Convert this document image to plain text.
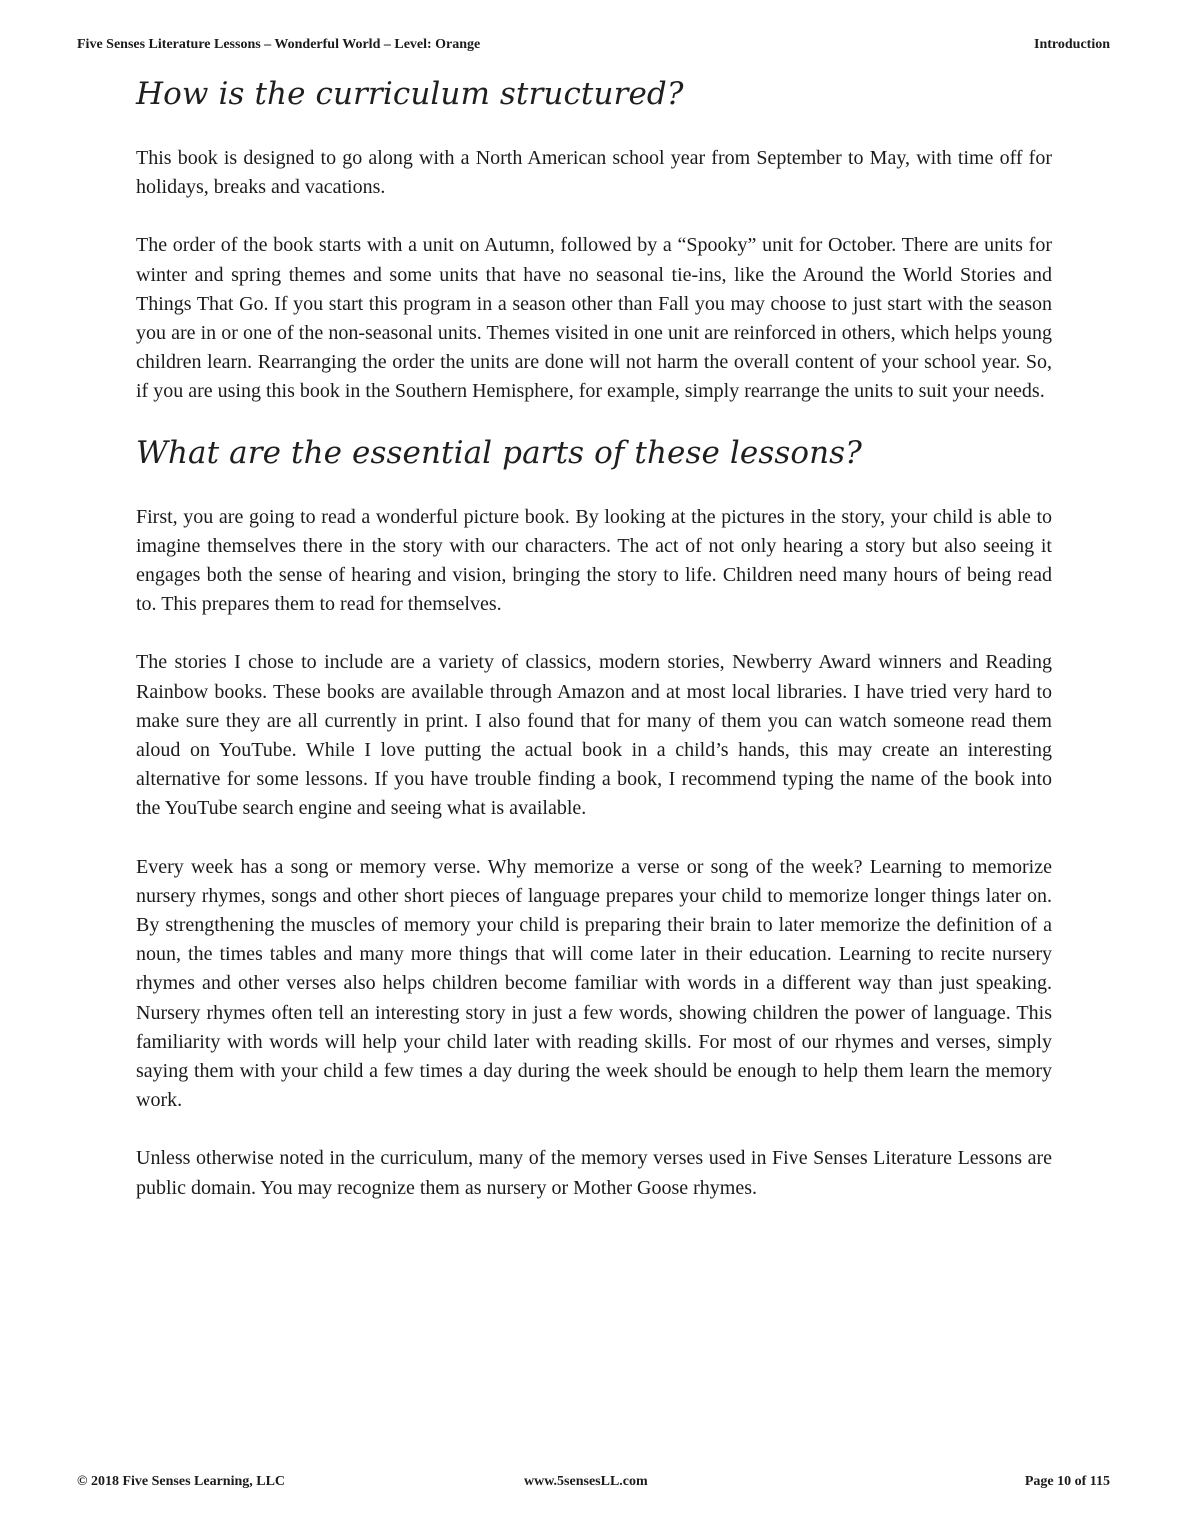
Five Senses Literature Lessons – Wonderful World – Level: Orange	Introduction
How is the curriculum structured?

This book is designed to go along with a North American school year from September to May, with time off for holidays, breaks and vacations.

The order of the book starts with a unit on Autumn, followed by a “Spooky” unit for October. There are units for winter and spring themes and some units that have no seasonal tie-ins, like the Around the World Stories and Things That Go. If you start this program in a season other than Fall you may choose to just start with the season you are in or one of the non-seasonal units. Themes visited in one unit are reinforced in others, which helps young children learn. Rearranging the order the units are done will not harm the overall content of your school year. So, if you are using this book in the Southern Hemisphere, for example, simply rearrange the units to suit your needs.

What are the essential parts of these lessons?

First, you are going to read a wonderful picture book. By looking at the pictures in the story, your child is able to imagine themselves there in the story with our characters. The act of not only hearing a story but also seeing it engages both the sense of hearing and vision, bringing the story to life. Children need many hours of being read to. This prepares them to read for themselves.

The stories I chose to include are a variety of classics, modern stories, Newberry Award winners and Reading Rainbow books. These books are available through Amazon and at most local libraries. I have tried very hard to make sure they are all currently in print. I also found that for many of them you can watch someone read them aloud on YouTube. While I love putting the actual book in a child’s hands, this may create an interesting alternative for some lessons. If you have trouble finding a book, I recommend typing the name of the book into the YouTube search engine and seeing what is available.

Every week has a song or memory verse. Why memorize a verse or song of the week? Learning to memorize nursery rhymes, songs and other short pieces of language prepares your child to memorize longer things later on. By strengthening the muscles of memory your child is preparing their brain to later memorize the definition of a noun, the times tables and many more things that will come later in their education. Learning to recite nursery rhymes and other verses also helps children become familiar with words in a different way than just speaking. Nursery rhymes often tell an interesting story in just a few words, showing children the power of language. This familiarity with words will help your child later with reading skills. For most of our rhymes and verses, simply saying them with your child a few times a day during the week should be enough to help them learn the memory work.

Unless otherwise noted in the curriculum, many of the memory verses used in Five Senses Literature Lessons are public domain. You may recognize them as nursery or Mother Goose rhymes.

© 2018 Five Senses Learning, LLC	www.5sensesLL.com	Page 10 of 115
